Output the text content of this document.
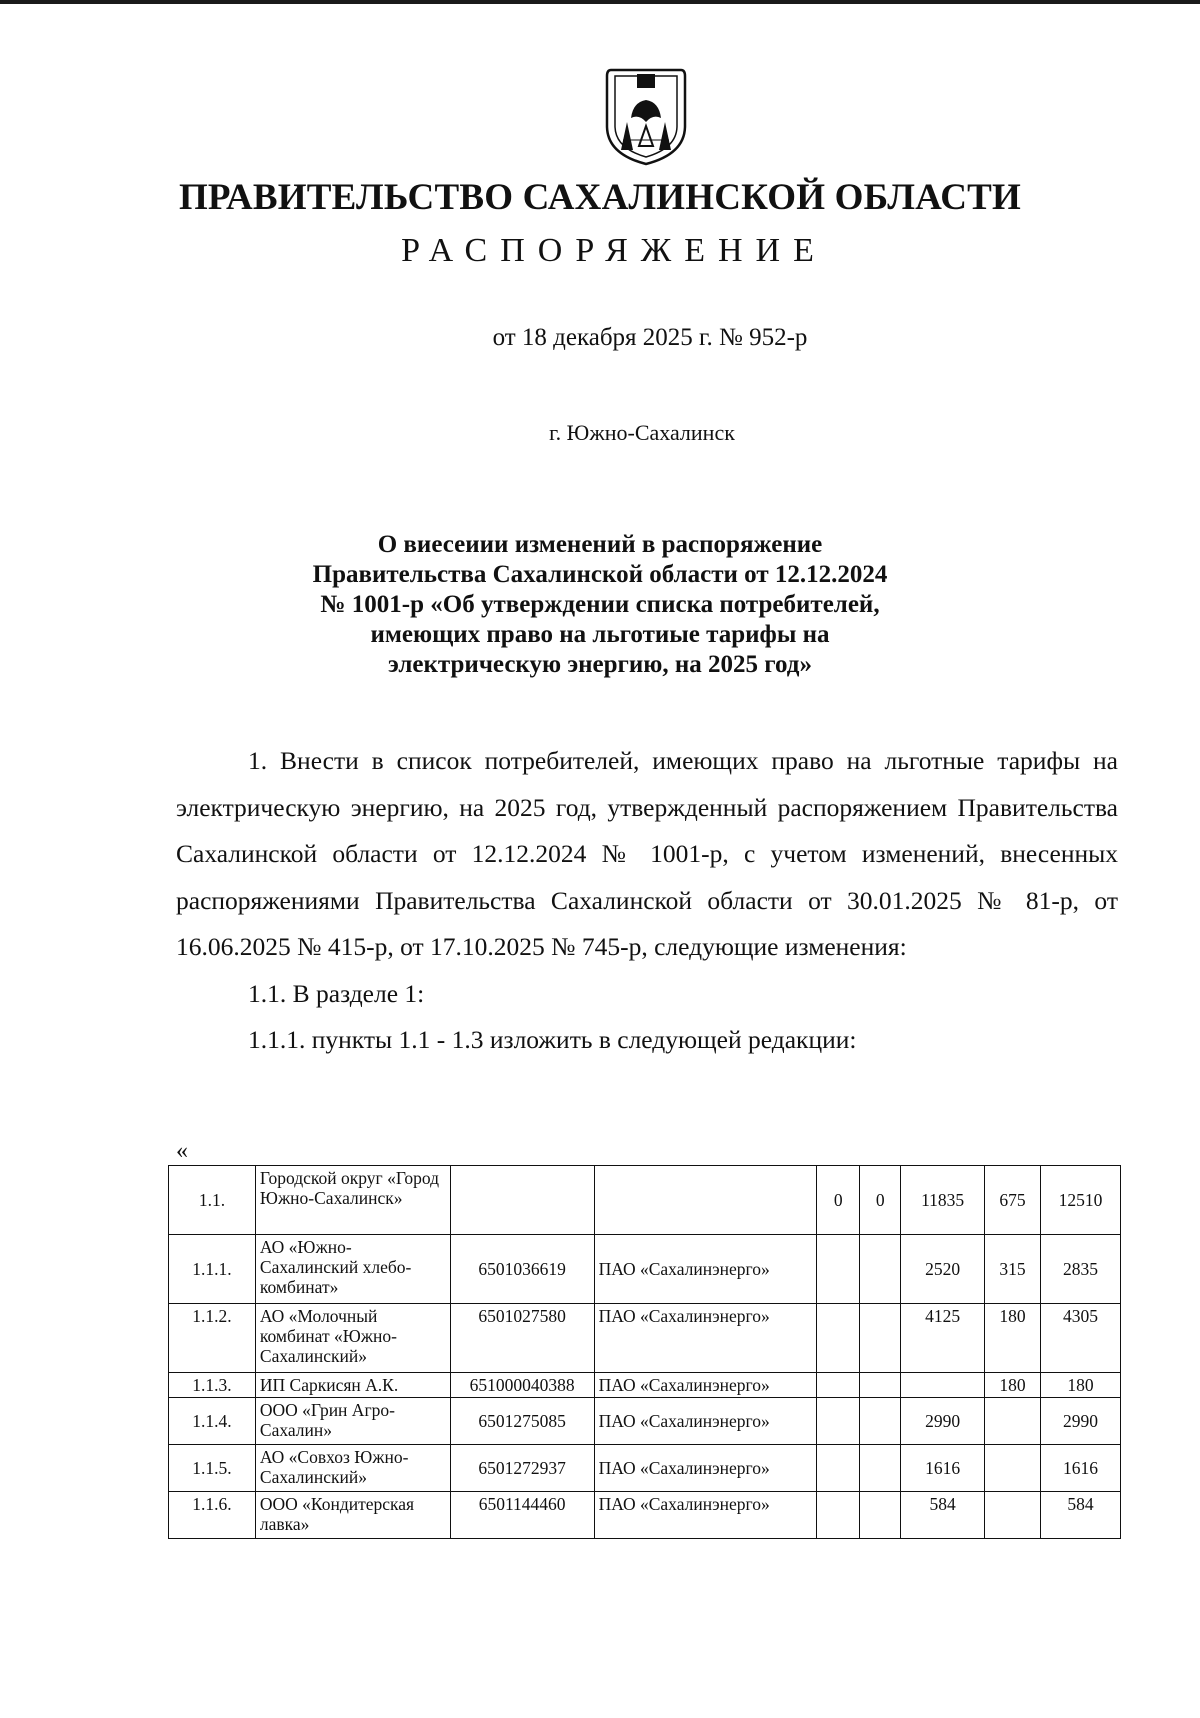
ПРАВИТЕЛЬСТВО САХАЛИНСКОЙ ОБЛАСТИ
РАСПОРЯЖЕНИЕ
от 18 декабря 2025 г. № 952-р
г. Южно-Сахалинск
О виесеиии изменений в распоряжение
Правительства Сахалинской области от 12.12.2024
№ 1001-р «Об утверждении списка потребителей,
имеющих право на льготиые тарифы на
электрическую энергию, на 2025 год»

1. Внести в список потребителей, имеющих право на льготные тарифы на электрическую энергию, на 2025 год, утвержденный распоряжением Правительства Сахалинской области от 12.12.2024 № 1001-р, с учетом изменений, внесенных распоряжениями Правительства Сахалинской области от 30.01.2025 № 81-р, от 16.06.2025 № 415-р, от 17.10.2025 № 745-р, следующие изменения:

1.1. В разделе 1:

1.1.1. пункты 1.1 - 1.3 изложить в следующей редакции:

«
1.1.	Городской округ «Город Южно-Сахалинск»			0	0	11835	675	12510
1.1.1.	АО «Южно-Сахалинский хлебо-комбинат»	6501036619	ПАО «Сахалинэнерго»			2520	315	2835
1.1.2.	АО «Молочный комбинат «Южно-Сахалинский»	6501027580	ПАО «Сахалинэнерго»			4125	180	4305
1.1.3.	ИП Саркисян А.К.	651000040388	ПАО «Сахалинэнерго»				180	180
1.1.4.	ООО «Грин Агро-Сахалин»	6501275085	ПАО «Сахалинэнерго»			2990		2990
1.1.5.	АО «Совхоз Южно-Сахалинский»	6501272937	ПАО «Сахалинэнерго»			1616		1616
1.1.6.	ООО «Кондитерская лавка»	6501144460	ПАО «Сахалинэнерго»			584		584
